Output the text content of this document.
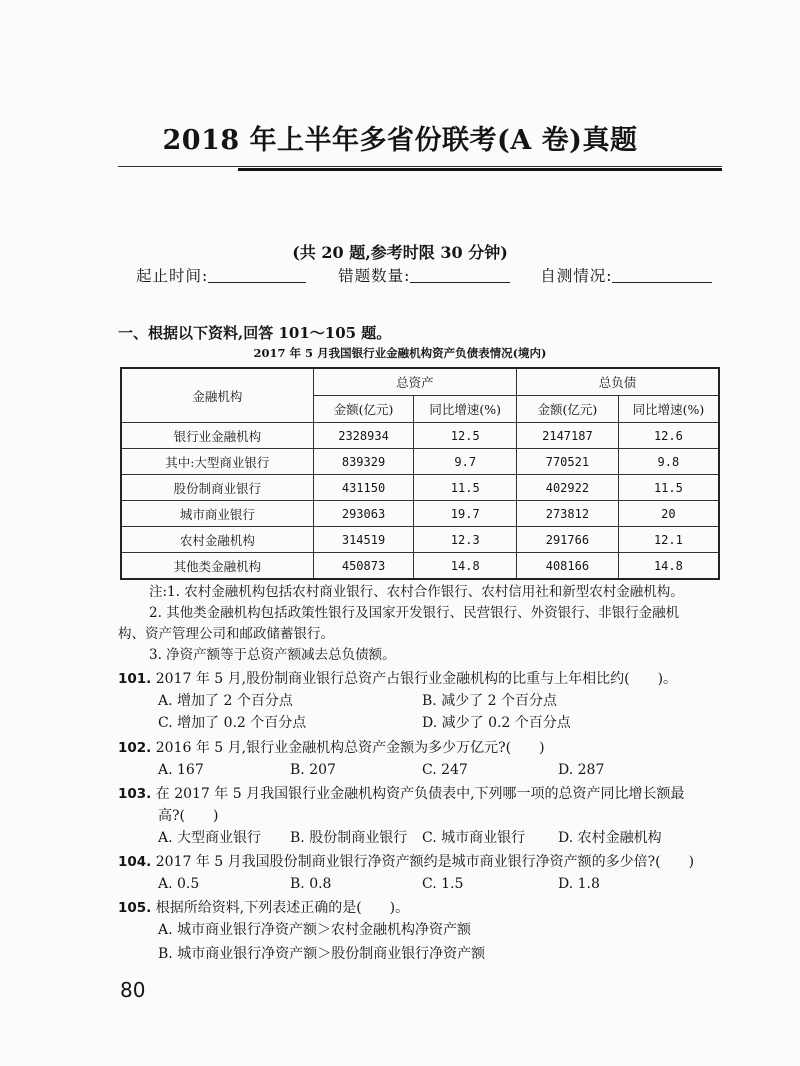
2018 年上半年多省份联考(A 卷)真题
(共 20 题,参考时限 30 分钟)
起止时间:	错题数量:	自测情况:
一、根据以下资料,回答 101～105 题。
2017 年 5 月我国银行业金融机构资产负债表情况(境内)
金融机构	总资产		总负债	
	金额(亿元)	同比增速(%)	金额(亿元)	同比增速(%)
银行业金融机构	2328934	12.5	2147187	12.6
其中:大型商业银行	839329	9.7	770521	9.8
股份制商业银行	431150	11.5	402922	11.5
城市商业银行	293063	19.7	273812	20
农村金融机构	314519	12.3	291766	12.1
其他类金融机构	450873	14.8	408166	14.8

注:1. 农村金融机构包括农村商业银行、农村合作银行、农村信用社和新型农村金融机构。

2. 其他类金融机构包括政策性银行及国家开发银行、民营银行、外资银行、非银行金融机

构、资产管理公司和邮政储蓄银行。

3. 净资产额等于总资产额减去总负债额。

101. 2017 年 5 月,股份制商业银行总资产占银行业金融机构的比重与上年相比约(　　)。
A. 增加了 2 个百分点	B. 减少了 2 个百分点
C. 增加了 0.2 个百分点	D. 减少了 0.2 个百分点
102. 2016 年 5 月,银行业金融机构总资产金额为多少万亿元?(　　)
A. 167	B. 207	C. 247	D. 287
103. 在 2017 年 5 月我国银行业金融机构资产负债表中,下列哪一项的总资产同比增长额最
高?(　　)
A. 大型商业银行 B. 股份制商业银行 C. 城市商业银行 D. 农村金融机构
104. 2017 年 5 月我国股份制商业银行净资产额约是城市商业银行净资产额的多少倍?(　　)
A. 0.5	B. 0.8	C. 1.5	D. 1.8
105. 根据所给资料,下列表述正确的是(　　)。
A. 城市商业银行净资产额＞农村金融机构净资产额
B. 城市商业银行净资产额＞股份制商业银行净资产额
80
